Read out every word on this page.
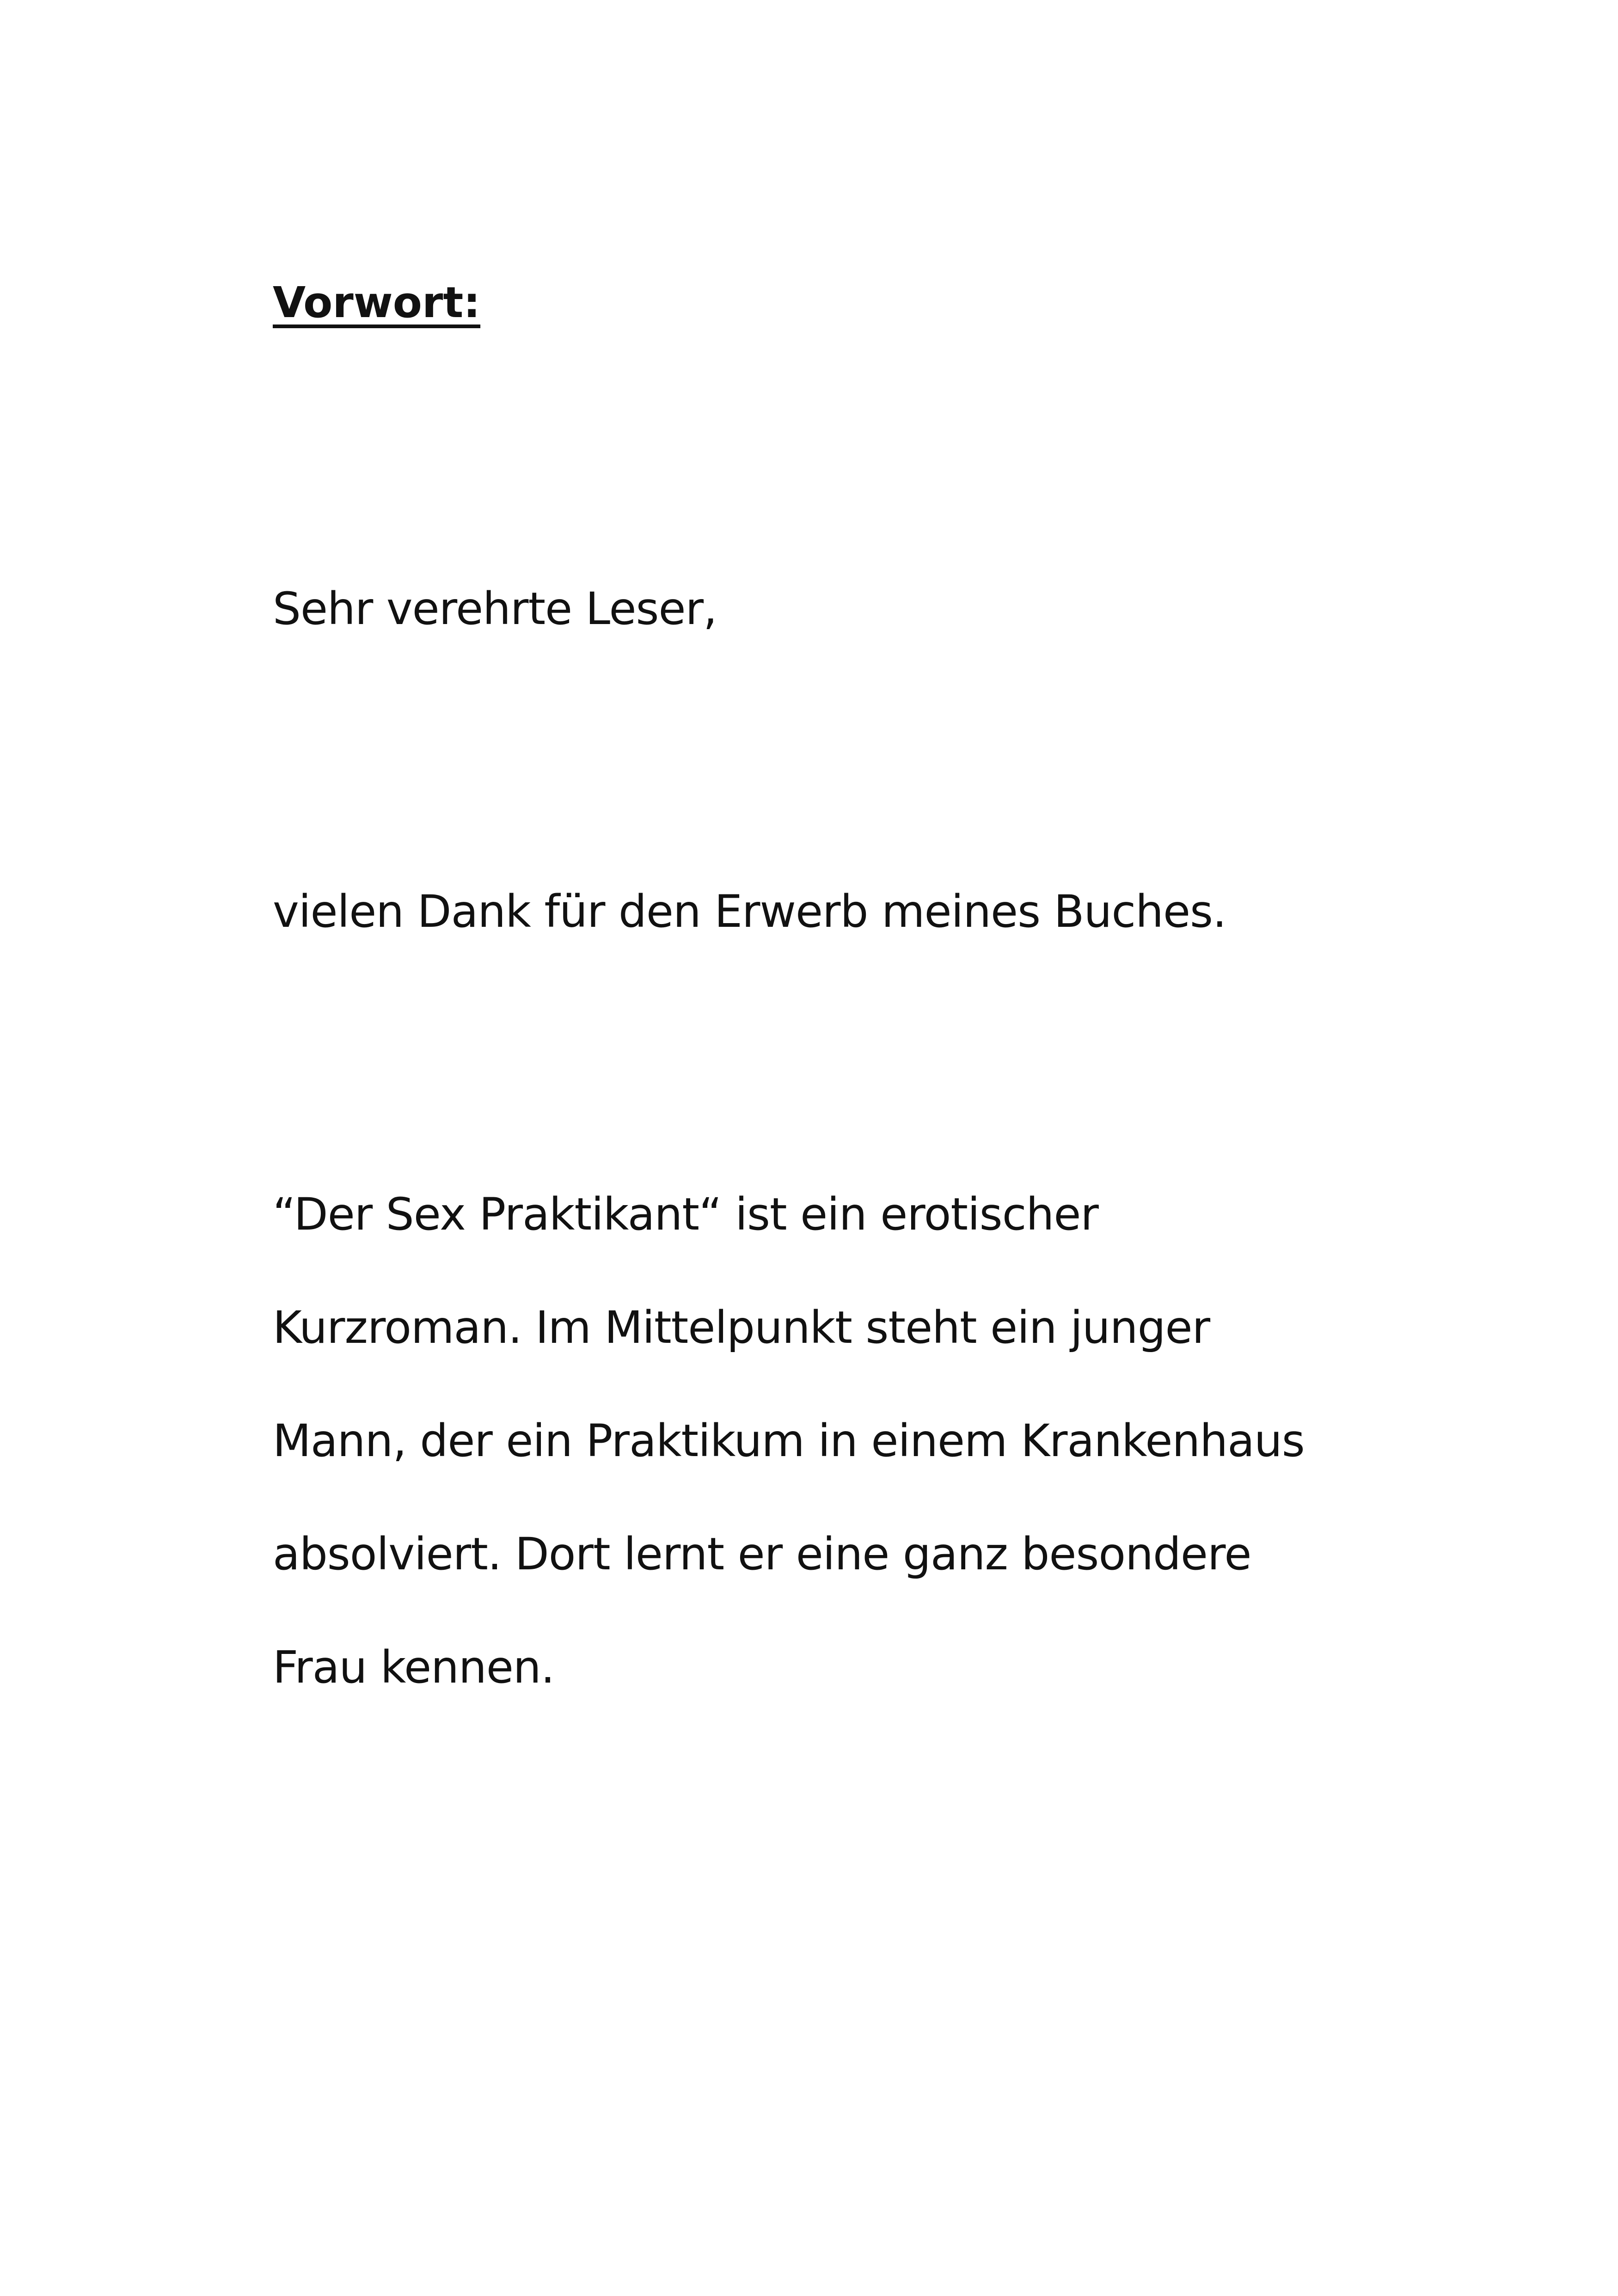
Vorwort:
Sehr verehrte Leser,
vielen Dank für den Erwerb meines Buches.
“Der Sex Praktikant“ ist ein erotischer
Kurzroman. Im Mittelpunkt steht ein junger
Mann, der ein Praktikum in einem Krankenhaus
absolviert. Dort lernt er eine ganz besondere
Frau kennen.
